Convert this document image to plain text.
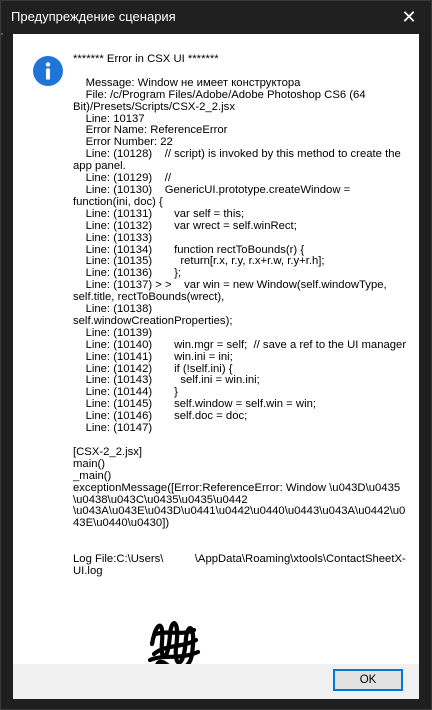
Предупреждение сценария	✕
******* Error in CSX UI *******

Message: Window не имеет конструктора
File: /c/Program Files/Adobe/Adobe Photoshop CS6 (64 Bit)/Presets/Scripts/CSX-2_2.jsx
Line: 10137
Error Name: ReferenceError
Error Number: 22
Line: (10128)    // script) is invoked by this method to create the app panel.
Line: (10129)    //
Line: (10130)    GenericUI.prototype.createWindow = function(ini, doc) {
Line: (10131)       var self = this;
Line: (10132)       var wrect = self.winRect;
Line: (10133)
Line: (10134)       function rectToBounds(r) {
Line: (10135)         return[r.x, r.y, r.x+r.w, r.y+r.h];
Line: (10136)       };
Line: (10137) > >    var win = new Window(self.windowType, self.title, rectToBounds(wrect),
Line: (10138)                                 self.windowCreationProperties);
Line: (10139)
Line: (10140)       win.mgr = self;  // save a ref to the UI manager
Line: (10141)       win.ini = ini;
Line: (10142)       if (!self.ini) {
Line: (10143)         self.ini = win.ini;
Line: (10144)       }
Line: (10145)       self.window = self.win = win;
Line: (10146)       self.doc = doc;
Line: (10147)

[CSX-2_2.jsx]
main()
_main()
exceptionMessage([Error:ReferenceError: Window \u043D\u0435 \u0438\u043C\u0435\u0435\u0442 \u043A\u043E\u043D\u0441\u0442\u0440\u0443\u043A\u0442\u043E\u0440\u0430])

Log File:C:\Users\          \AppData\Roaming\xtools\ContactSheetX-UI.log
OK
